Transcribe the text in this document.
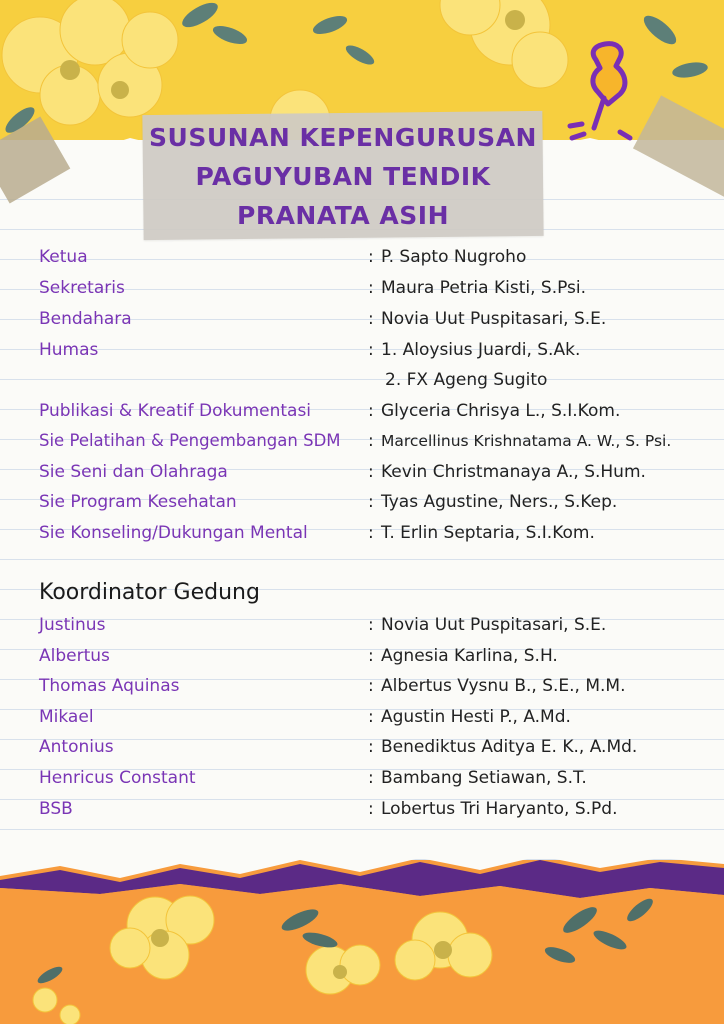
SUSUNAN KEPENGURUSAN
PAGUYUBAN TENDIK
PRANATA ASIH
Ketua	: P. Sapto Nugroho
Sekretaris	: Maura Petria Kisti, S.Psi.
Bendahara	: Novia Uut Puspitasari, S.E.
Humas	: 1. Aloysius Juardi, S.Ak.
2. FX Ageng Sugito
Publikasi & Kreatif Dokumentasi	: Glyceria Chrisya L., S.I.Kom.
Sie Pelatihan & Pengembangan SDM : Marcellinus Krishnatama A. W., S. Psi.
Sie Seni dan Olahraga	: Kevin Christmanaya A., S.Hum.
Sie Program Kesehatan	: Tyas Agustine, Ners., S.Kep.
Sie Konseling/Dukungan Mental	: T. Erlin Septaria, S.I.Kom.
Koordinator Gedung
Justinus	: Novia Uut Puspitasari, S.E.
Albertus	: Agnesia Karlina, S.H.
Thomas Aquinas	: Albertus Vysnu B., S.E., M.M.
Mikael	: Agustin Hesti P., A.Md.
Antonius	: Benediktus Aditya E. K., A.Md.
Henricus Constant	: Bambang Setiawan, S.T.
BSB	: Lobertus Tri Haryanto, S.Pd.
